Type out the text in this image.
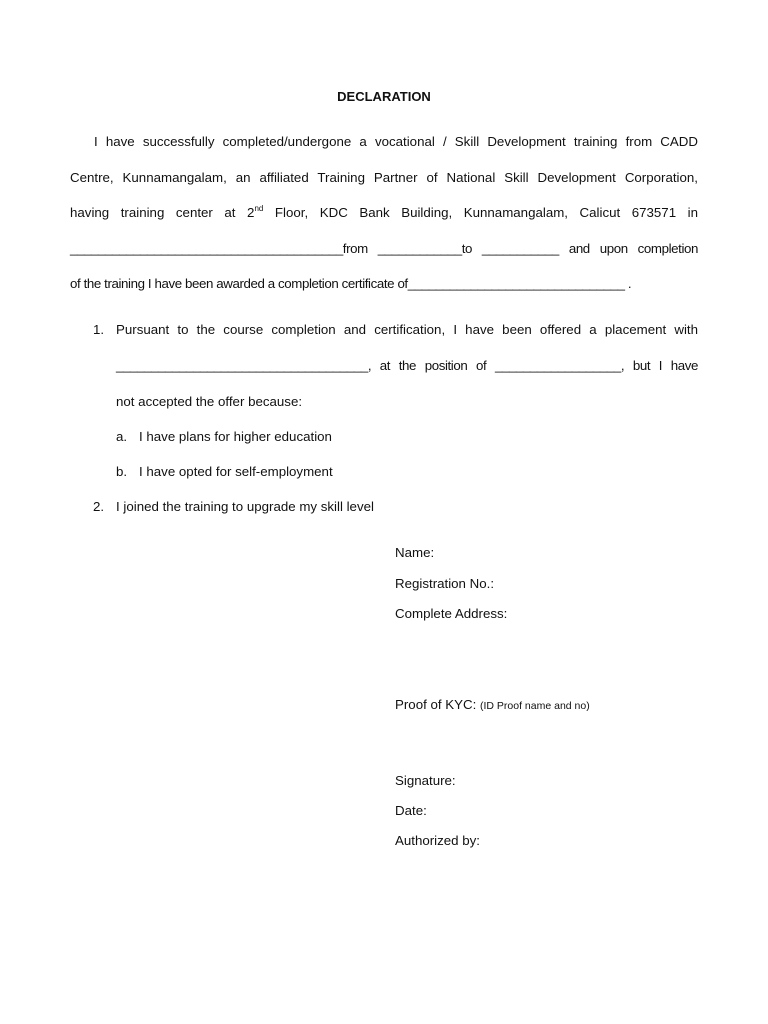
DECLARATION
I have successfully completed/undergone a vocational / Skill Development training from CADD
Centre, Kunnamangalam, an affiliated Training Partner of National Skill Development Corporation,
having training center at 2nd Floor, KDC Bank Building, Kunnamangalam, Calicut 673571 in
_______________________________________from ____________to ___________ and upon completion
of the training I have been awarded a completion certificate of_______________________________ .
1. Pursuant to the course completion and certification, I have been offered a placement with
____________________________________, at the position of __________________, but I have
not accepted the offer because:
a. I have plans for higher education
b. I have opted for self-employment
2. I joined the training to upgrade my skill level
Name:
Registration No.:
Complete Address:
Proof of KYC: (ID Proof name and no)
Signature:
Date:
Authorized by:
